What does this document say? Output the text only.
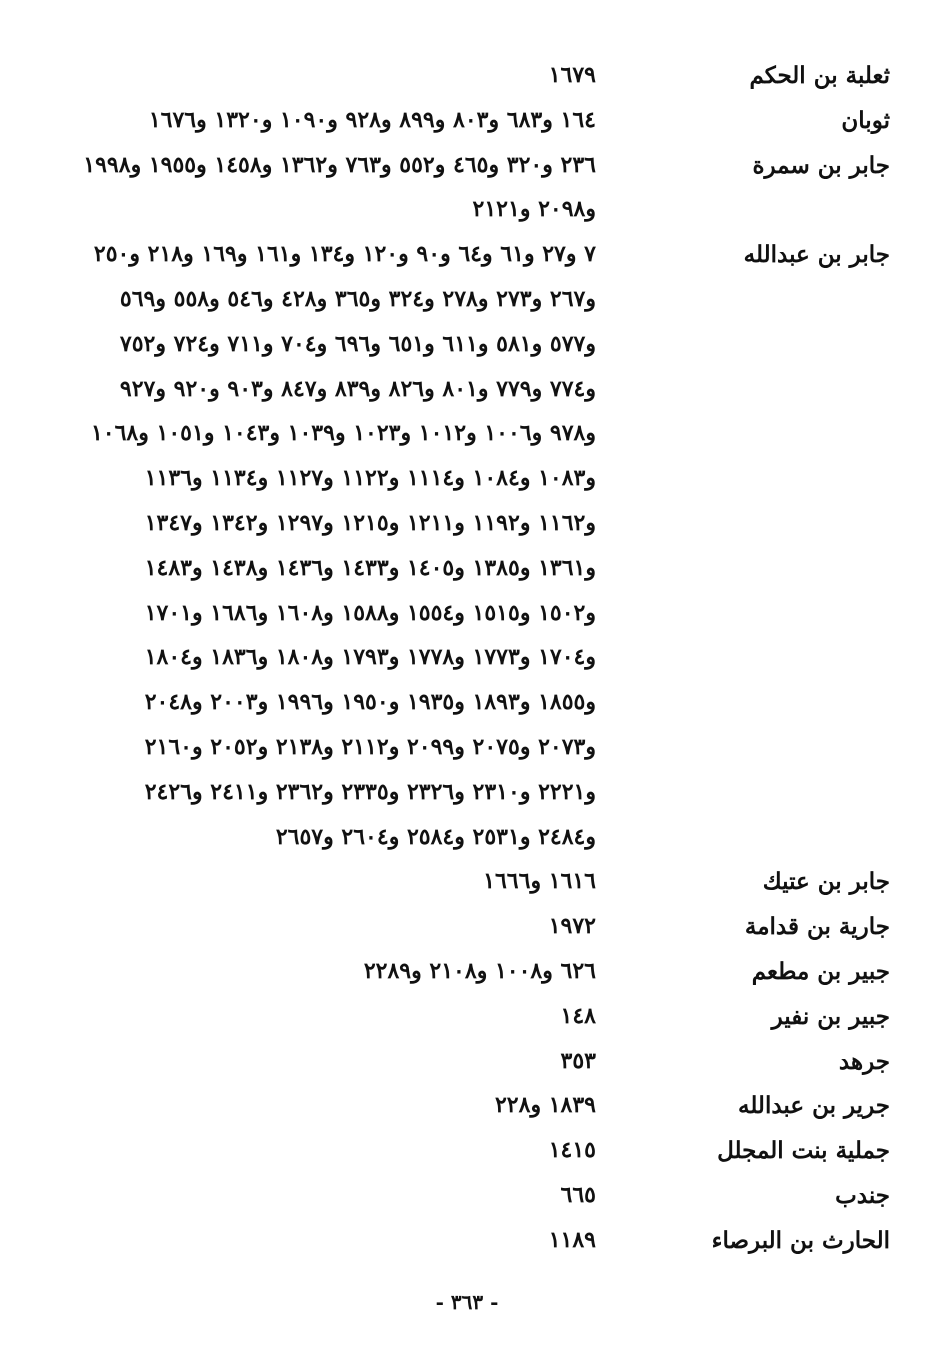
ثعلبة بن الحكم
١٦٧٩
ثوبان
١٦٤ و٦٨٣ و٨٠٣ و٨٩٩ و٩٢٨ و١٠٩٠ و١٣٢٠ و١٦٧٦
جابر بن سمرة
٢٣٦ و٣٢٠ و٤٦٥ و٥٥٢ و٧٦٣ و١٣٦٢ و١٤٥٨ و١٩٥٥ و١٩٩٨
و٢٠٩٨ و٢١٢١
جابر بن عبدالله
٧ و٢٧ و٦١ و٦٤ و٩٠ و١٢٠ و١٣٤ و١٦١ و١٦٩ و٢١٨ و٢٥٠
و٢٦٧ و٢٧٣ و٢٧٨ و٣٢٤ و٣٦٥ و٤٢٨ و٥٤٦ و٥٥٨ و٥٦٩
و٥٧٧ و٥٨١ و٦١١ و٦٥١ و٦٩٦ و٧٠٤ و٧١١ و٧٢٤ و٧٥٢
و٧٧٤ و٧٧٩ و٨٠١ و٨٢٦ و٨٣٩ و٨٤٧ و٩٠٣ و٩٢٠ و٩٢٧
و٩٧٨ و١٠٠٦ و١٠١٢ و١٠٢٣ و١٠٣٩ و١٠٤٣ و١٠٥١ و١٠٦٨
و١٠٨٣ و١٠٨٤ و١١١٤ و١١٢٢ و١١٢٧ و١١٣٤ و١١٣٦
و١١٦٢ و١١٩٢ و١٢١١ و١٢١٥ و١٢٩٧ و١٣٤٢ و١٣٤٧
و١٣٦١ و١٣٨٥ و١٤٠٥ و١٤٣٣ و١٤٣٦ و١٤٣٨ و١٤٨٣
و١٥٠٢ و١٥١٥ و١٥٥٤ و١٥٨٨ و١٦٠٨ و١٦٨٦ و١٧٠١
و١٧٠٤ و١٧٧٣ و١٧٧٨ و١٧٩٣ و١٨٠٨ و١٨٣٦ و١٨٠٤
و١٨٥٥ و١٨٩٣ و١٩٣٥ و١٩٥٠ و١٩٩٦ و٢٠٠٣ و٢٠٤٨
و٢٠٧٣ و٢٠٧٥ و٢٠٩٩ و٢١١٢ و٢١٣٨ و٢٠٥٢ و٢١٦٠
و٢٢٢١ و٢٣١٠ و٢٣٢٦ و٢٣٣٥ و٢٣٦٢ و٢٤١١ و٢٤٢٦
و٢٤٨٤ و٢٥٣١ و٢٥٨٤ و٢٦٠٤ و٢٦٥٧
جابر بن عتيك
١٦١٦ و١٦٦٦
جارية بن قدامة
١٩٧٢
جبير بن مطعم
٦٢٦ و١٠٠٨ و٢١٠٨ و٢٢٨٩
جبير بن نفير
١٤٨
جرهد
٣٥٣
جرير بن عبدالله
١٨٣٩ و٢٢٨
جملية بنت المجلل
١٤١٥
جندب
٦٦٥
الحارث بن البرصاء
١١٨٩
- ٣٦٣ -
